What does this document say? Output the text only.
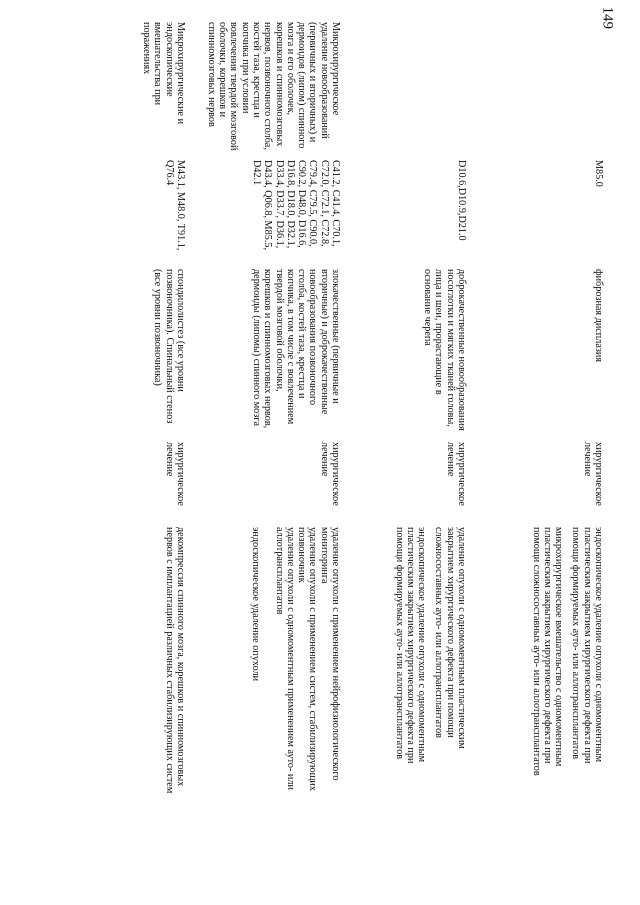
149
M85.0
фиброзная дисплазия
хирургическое лечение
эндоскопическое удаление опухоли с одномоментным пластическим закрытием хирургического дефекта при помощи формируемых ауто- или аллотрансплантатов
микрохирургическое вмешательство с одномоментным пластическим закрытием хирургического дефекта при помощи сложносоставных ауто- или аллотрансплантатов
D10.6,D10.9,D21.0
доброкачественные новообразования носоглотки и мягких тканей головы, лица и шеи, прорастающие в основание черепа
хирургическое лечение
удаление опухоли с одномоментным пластическим закрытием хирургического дефекта при помощи сложносоставных ауто- или аллотрансплантатов
эндоскопическое удаление опухоли с одномоментным пластическим закрытием хирургического дефекта при помощи формируемых ауто- или аллотрансплантатов
Микрохирургическое удаление новообразований (первичных и вторичных) и дермоидов (липом) спинного мозга и его оболочек, корешков и спинномозговых нервов, позвоночного столба, костей таза, крестца и копчика при условии вовлечения твердой мозговой оболочки, корешков и спинномозговых нервов
C41.2, C41.4, C70.1, C72.0, C72.1, C72.8, C79.4, C79.5, C90.0, C90.2, D48.0, D16.6, D16.8, D18.0, D32.1, D33.4, D33.7, D36.1, D43.4, Q06.8, M85.5, D42.1
злокачественные (первичные и вторичные) и доброкачественные новообразования позвоночного столба, костей таза, крестца и копчика, в том числе с вовлечением твердой мозговой оболочки, корешков и спинномозговых нервов, дермоиды (липомы) спинного мозга
хирургическое лечение
удаление опухоли с применением нейрофизиологического мониторинга
удаление опухоли с применением систем, стабилизирующих позвоночник
удаление опухоли с одномоментным применением ауто- или аллотрансплантатов
эндоскопическое удаление опухоли
Микрохирургические и эндоскопические вмешательства при поражениях
M43.1, M48.0, T91.1, Q76.4
спондилолистез (все уровни позвоночника). Спинальный стеноз (все уровни позвоночника)
хирургическое лечение
декомпрессия спинного мозга, корешков и спинномозговых нервов с имплантацией различных стабилизирующих систем
